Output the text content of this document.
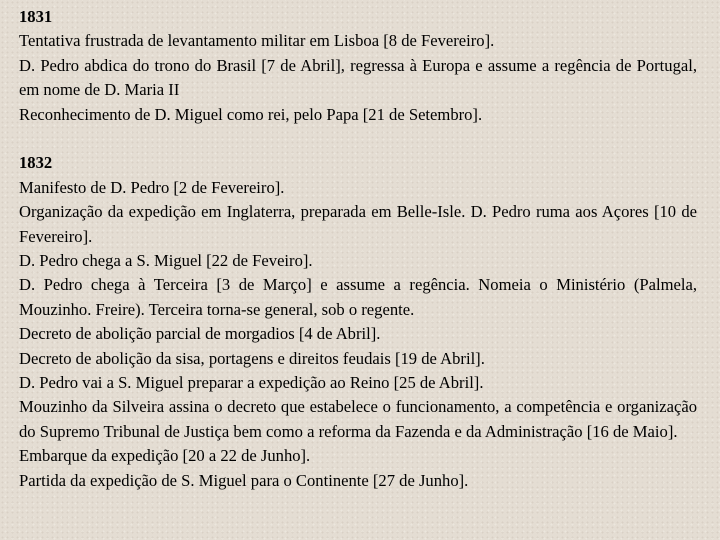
1831
Tentativa frustrada de levantamento militar em Lisboa [8 de Fevereiro].
D. Pedro abdica do trono do Brasil [7 de Abril], regressa à Europa e assume a regência de Portugal, em nome de D. Maria II
Reconhecimento de D. Miguel como rei, pelo Papa [21 de Setembro].
1832
Manifesto de D. Pedro [2 de Fevereiro].
Organização da expedição em Inglaterra, preparada em Belle-Isle. D. Pedro ruma aos Açores [10 de Fevereiro].
D. Pedro chega a S. Miguel [22 de Feveiro].
D. Pedro chega à Terceira [3 de Março] e assume a regência. Nomeia o Ministério (Palmela, Mouzinho. Freire). Terceira torna-se general, sob o regente.
Decreto de abolição parcial de morgadios [4 de Abril].
Decreto de abolição da sisa, portagens e direitos feudais [19 de Abril].
D. Pedro vai a S. Miguel preparar a expedição ao Reino [25 de Abril].
Mouzinho da Silveira assina o decreto que estabelece o funcionamento, a competência e organização do Supremo Tribunal de Justiça bem como a reforma da Fazenda e da Administração [16 de Maio].
Embarque da expedição [20 a 22 de Junho].
Partida da expedição de S. Miguel para o Continente [27 de Junho].
